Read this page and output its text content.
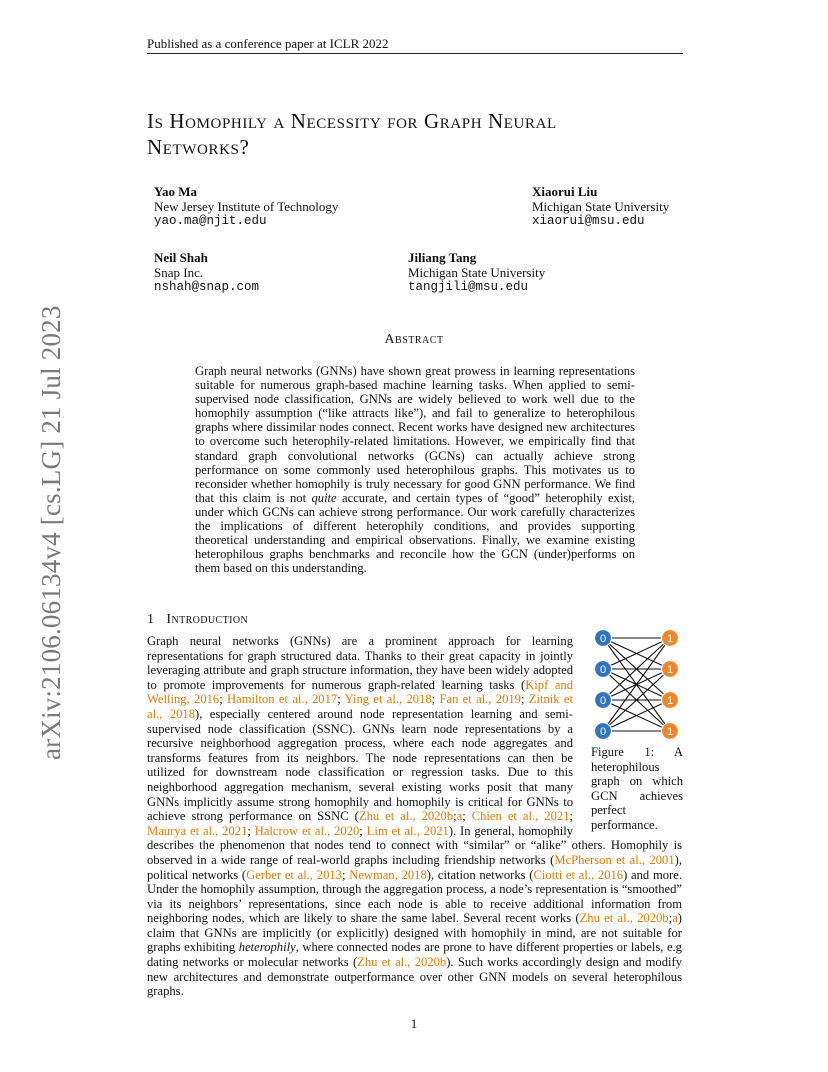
Published as a conference paper at ICLR 2022
arXiv:2106.06134v4 [cs.LG] 21 Jul 2023
Is Homophily a Necessity for Graph Neural
Networks?
Yao Ma
New Jersey Institute of Technology
yao.ma@njit.edu
Xiaorui Liu
Michigan State University
xiaorui@msu.edu
Neil Shah
Snap Inc.
nshah@snap.com
Jiliang Tang
Michigan State University
tangjili@msu.edu
Abstract
Graph neural networks (GNNs) have shown great prowess in learning representations suitable for numerous graph-based machine learning tasks. When applied to semi-supervised node classification, GNNs are widely believed to work well due to the homophily assumption (“like attracts like”), and fail to generalize to heterophilous graphs where dissimilar nodes connect. Recent works have designed new architectures to overcome such heterophily-related limitations. However, we empirically find that standard graph convolutional networks (GCNs) can actually achieve strong performance on some commonly used heterophilous graphs. This motivates us to reconsider whether homophily is truly necessary for good GNN performance. We find that this claim is not quite accurate, and certain types of “good” heterophily exist, under which GCNs can achieve strong performance. Our work carefully characterizes the implications of different heterophily conditions, and provides supporting theoretical understanding and empirical observations. Finally, we examine existing heterophilous graphs benchmarks and reconcile how the GCN (under)performs on them based on this understanding.
1 Introduction
Graph neural networks (GNNs) are a prominent approach for learning representations for graph structured data. Thanks to their great capacity in jointly leveraging attribute and graph structure information, they have been widely adopted to promote improvements for numerous graph-related learning tasks (Kipf and Welling, 2016; Hamilton et al., 2017; Ying et al., 2018; Fan et al., 2019; Zitnik et al., 2018), especially centered around node representation learning and semi-supervised node classification (SSNC). GNNs learn node representations by a recursive neighborhood aggregation process, where each node aggregates and transforms features from its neighbors. The node representations can then be utilized for downstream node classification or regression tasks. Due to this neighborhood aggregation mechanism, several existing works posit that many GNNs implicitly assume strong homophily and homophily is critical for GNNs to achieve strong performance on SSNC (Zhu et al., 2020b;a; Chien et al., 2021; Maurya et al., 2021; Halcrow et al., 2020; Lim et al., 2021). In general, homophily describes the phenomenon that nodes tend to connect with “similar” or “alike” others. Homophily is observed in a wide range of real-world graphs including friendship networks (McPherson et al., 2001), political networks (Gerber et al., 2013; Newman, 2018), citation networks (Ciotti et al., 2016) and more. Under the homophily assumption, through the aggregation process, a node’s representation is “smoothed” via its neighbors’ representations, since each node is able to receive additional information from neighboring nodes, which are likely to share the same label. Several recent works (Zhu et al., 2020b;a) claim that GNNs are implicitly (or explicitly) designed with homophily in mind, are not suitable for graphs exhibiting heterophily, where connected nodes are prone to have different properties or labels, e.g dating networks or molecular networks (Zhu et al., 2020b). Such works accordingly design and modify new architectures and demonstrate outperformance over other GNN models on several heterophilous graphs.
0
0
0
0
1
1
1
1
Figure 1: A heterophilous graph on which GCN achieves perfect performance.
1
